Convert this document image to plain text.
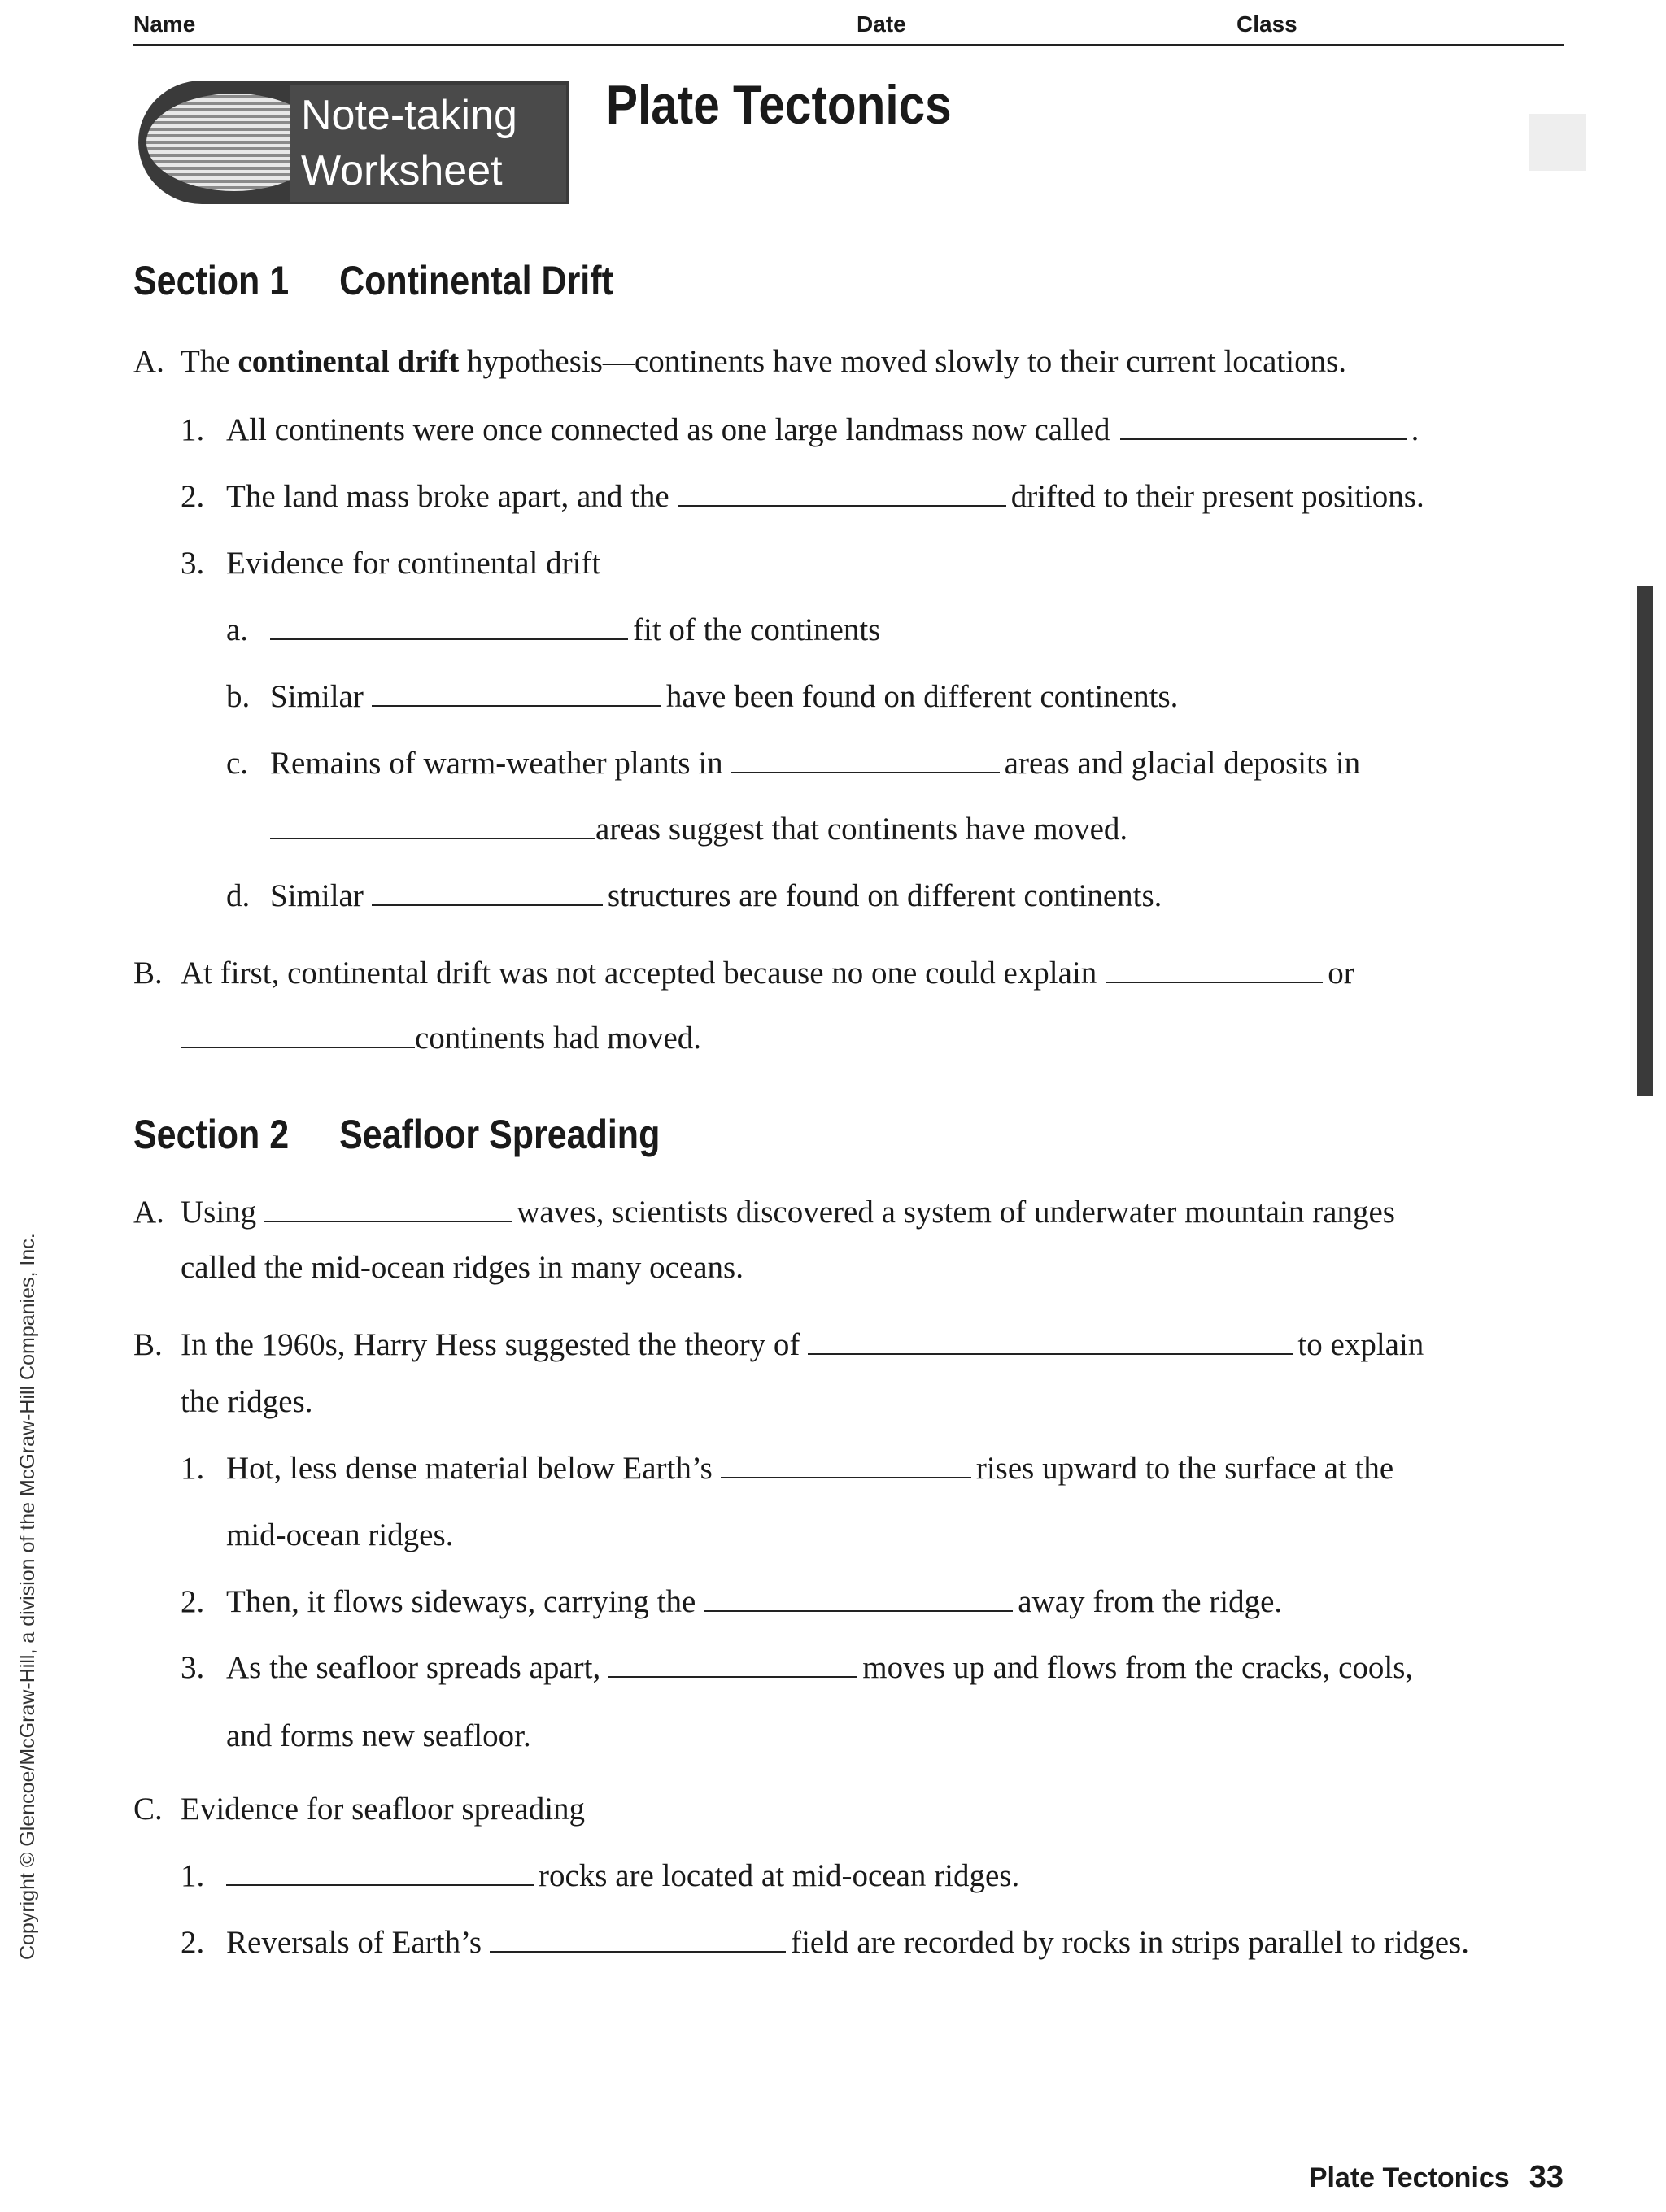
Name	Date	Class
Note-taking
Worksheet
Plate Tectonics
Section 1 Continental Drift
A. The continental drift hypothesis—continents have moved slowly to their current locations.
1. All continents were once connected as one large landmass now called	.
2. The land mass broke apart, and the	drifted to their present positions.
3. Evidence for continental drift
a.	fit of the continents
b. Similar	have been found on different continents.
c. Remains of warm-weather plants in	areas and glacial deposits in
areas suggest that continents have moved.
d. Similar	structures are found on different continents.
B. At first, continental drift was not accepted because no one could explain	or
continents had moved.
Section 2 Seafloor Spreading
A. Using	waves, scientists discovered a system of underwater mountain ranges
called the mid-ocean ridges in many oceans.
B. In the 1960s, Harry Hess suggested the theory of	to explain
the ridges.
1. Hot, less dense material below Earth’s	rises upward to the surface at the
mid-ocean ridges.
2. Then, it flows sideways, carrying the	away from the ridge.
3. As the seafloor spreads apart,	moves up and flows from the cracks, cools,
and forms new seafloor.
C. Evidence for seafloor spreading
1.	rocks are located at mid-ocean ridges.
2. Reversals of Earth’s	field are recorded by rocks in strips parallel to ridges.
Copyright © Glencoe/McGraw-Hill, a division of the McGraw-Hill Companies, Inc.
Plate Tectonics 33
